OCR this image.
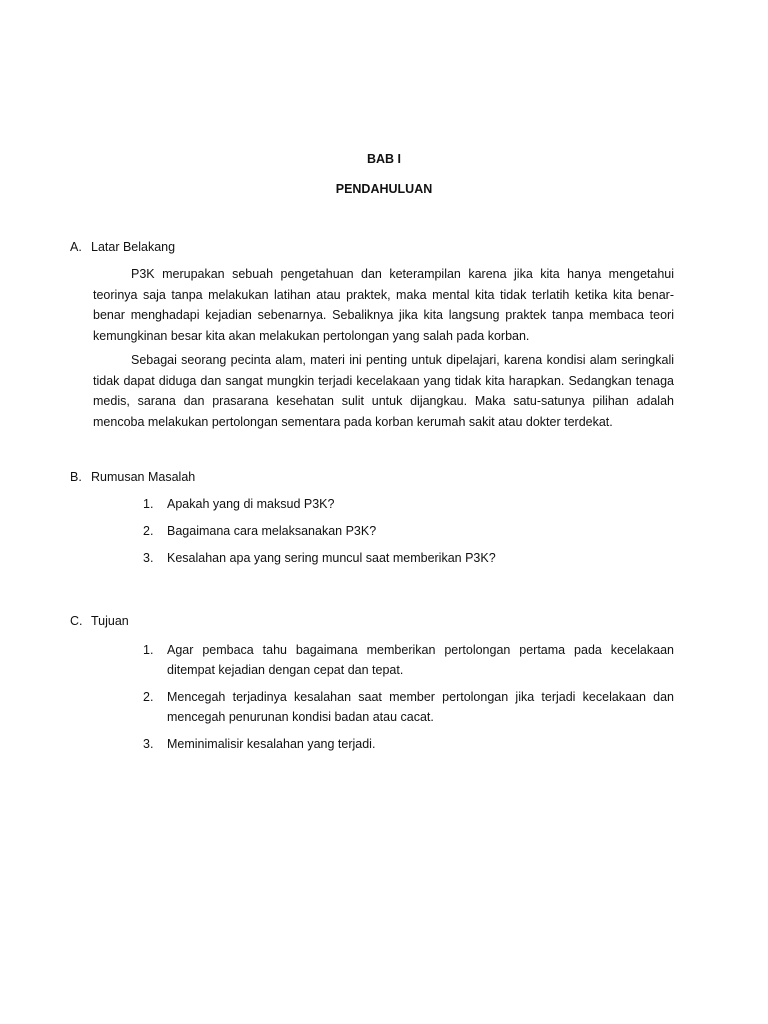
BAB I
PENDAHULUAN
A. Latar Belakang

P3K merupakan sebuah pengetahuan dan keterampilan karena jika kita hanya mengetahui teorinya saja tanpa melakukan latihan atau praktek, maka mental kita tidak terlatih ketika kita benar-benar menghadapi kejadian sebenarnya. Sebaliknya jika kita langsung praktek tanpa membaca teori kemungkinan besar kita akan melakukan pertolongan yang salah pada korban.

Sebagai seorang pecinta alam, materi ini penting untuk dipelajari, karena kondisi alam seringkali tidak dapat diduga dan sangat mungkin terjadi kecelakaan yang tidak kita harapkan. Sedangkan tenaga medis, sarana dan prasarana kesehatan sulit untuk dijangkau. Maka satu-satunya pilihan adalah mencoba melakukan pertolongan sementara pada korban kerumah sakit atau dokter terdekat.

B. Rumusan Masalah
1. Apakah yang di maksud P3K?
2. Bagaimana cara melaksanakan P3K?
3. Kesalahan apa yang sering muncul saat memberikan P3K?
C. Tujuan
1. Agar pembaca tahu bagaimana memberikan pertolongan pertama pada kecelakaan ditempat kejadian dengan cepat dan tepat.
2. Mencegah terjadinya kesalahan saat member pertolongan jika terjadi kecelakaan dan mencegah penurunan kondisi badan atau cacat.
3. Meminimalisir kesalahan yang terjadi.
